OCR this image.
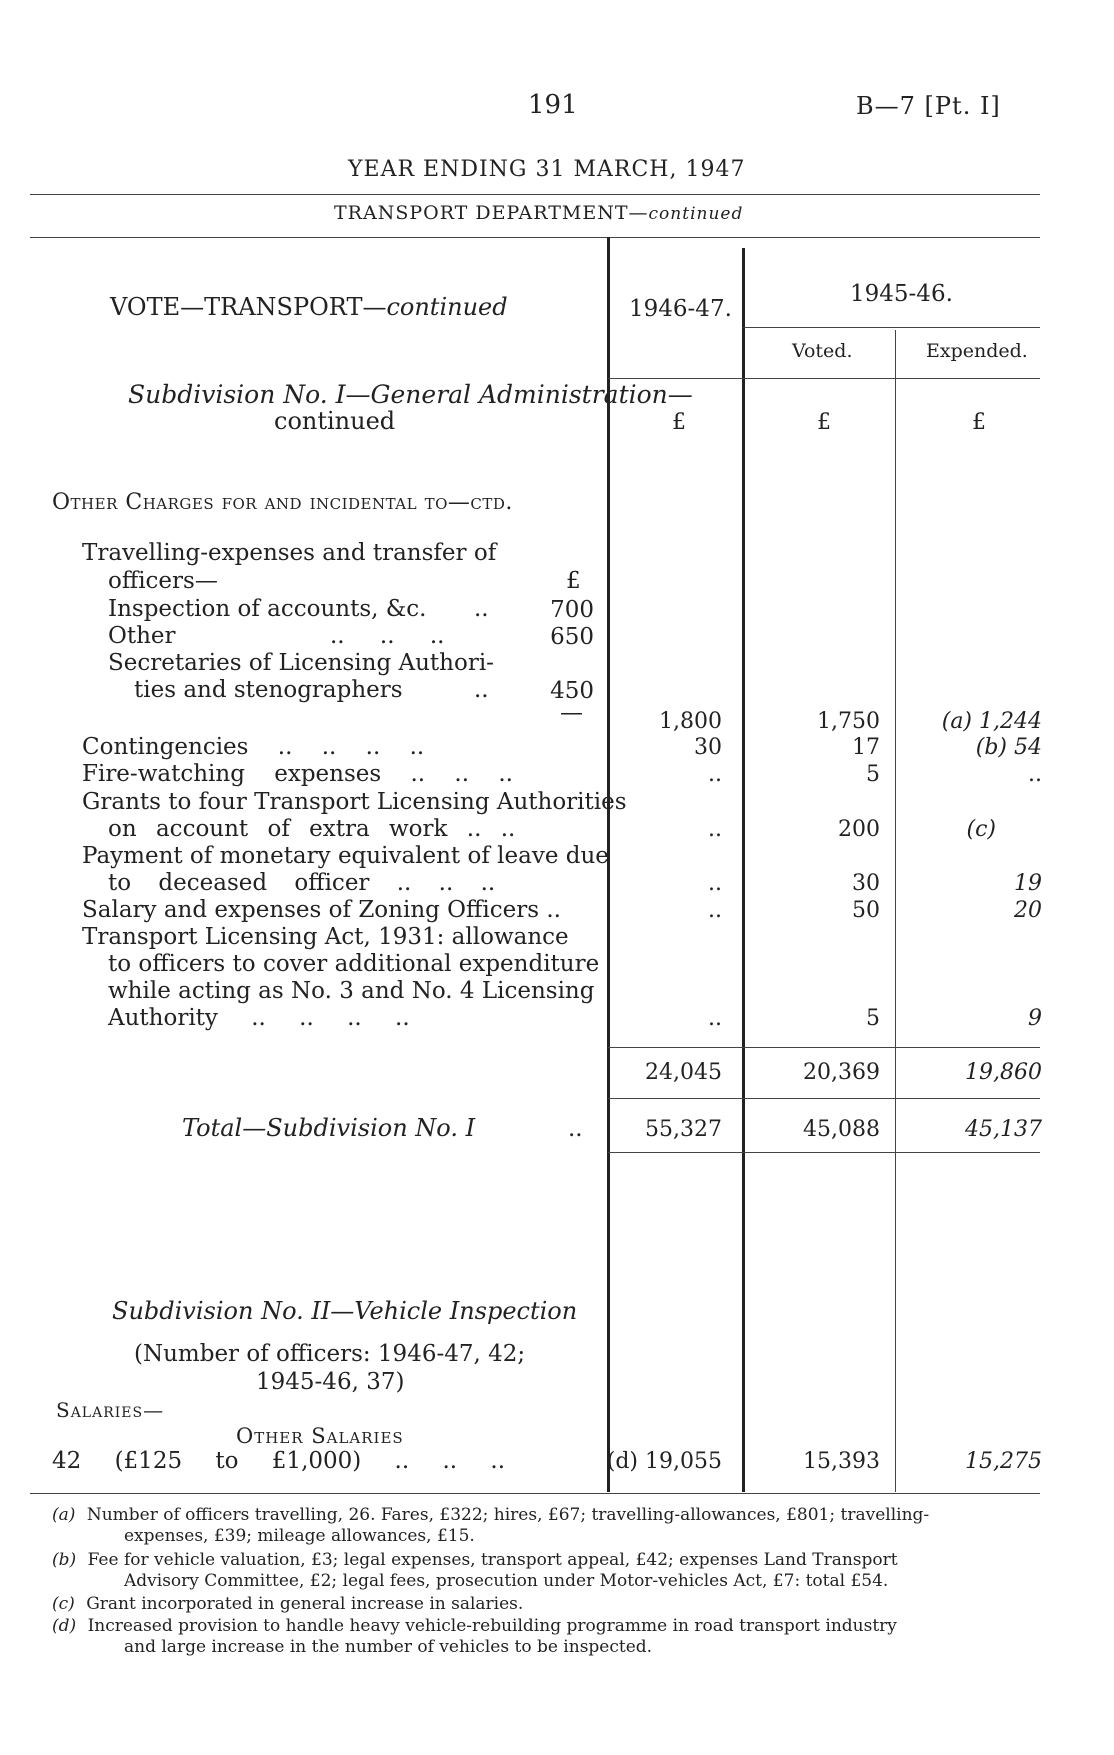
191	B—7 [Pt. I]
YEAR ENDING 31 MARCH, 1947
TRANSPORT DEPARTMENT—continued
VOTE—TRANSPORT—continued	1946-47.
1945-46.
Voted.	Expended.
Subdivision No. I—General Administration—
continued	£	£	£
Other Charges for and incidental to—ctd.
Travelling-expenses and transfer of
officers—	£
Inspection of accounts, &c. ..	700
Other	.. .. ..	650
Secretaries of Licensing Authori-
ties and stenographers	..	450
—	1,800	1,750	(a) 1,244
Contingencies .. .. .. ..	30	17	(b) 54
Fire-watching expenses .. .. ..	..	5	..
Grants to four Transport Licensing Authorities
on account of extra work .. ..	..	200	(c)
Payment of monetary equivalent of leave due
to deceased officer .. .. ..	..	30	19
Salary and expenses of Zoning Officers ..	..	50	20
Transport Licensing Act, 1931: allowance
to officers to cover additional expenditure
while acting as No. 3 and No. 4 Licensing
Authority .. .. .. ..	..	5	9
24,045	20,369	19,860
Total—Subdivision No. I	..	55,327	45,088	45,137
Subdivision No. II—Vehicle Inspection
(Number of officers: 1946-47, 42;
1945-46, 37)
Salaries—
Other Salaries
42 (£125 to £1,000) .. .. ..	(d) 19,055	15,393	15,275
(a) Number of officers travelling, 26. Fares, £322; hires, £67; travelling-allowances, £801; travelling-
expenses, £39; mileage allowances, £15.
(b) Fee for vehicle valuation, £3; legal expenses, transport appeal, £42; expenses Land Transport
Advisory Committee, £2; legal fees, prosecution under Motor-vehicles Act, £7: total £54.
(c) Grant incorporated in general increase in salaries.
(d) Increased provision to handle heavy vehicle-rebuilding programme in road transport industry
and large increase in the number of vehicles to be inspected.
